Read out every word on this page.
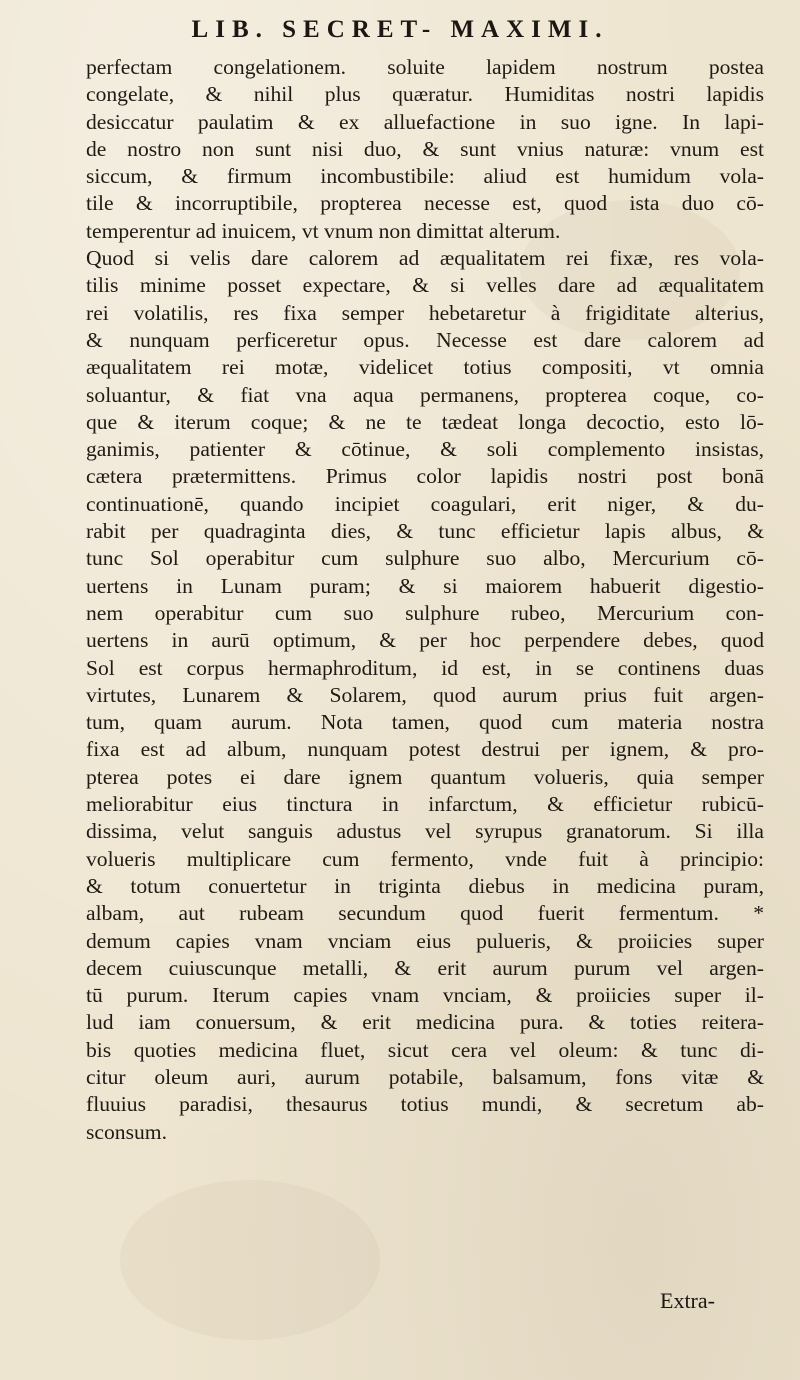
LIB. SECRET- MAXIMI.
perfectam congelationem. soluite lapidem nostrum postea
congelate, & nihil plus quæratur. Humiditas nostri lapidis
desiccatur paulatim & ex alluefactione in suo igne. In lapi-
de nostro non sunt nisi duo, & sunt vnius naturæ: vnum est
siccum, & firmum incombustibile: aliud est humidum vola-
tile & incorruptibile, propterea necesse est, quod ista duo cō-
temperentur ad inuicem, vt vnum non dimittat alterum.
Quod si velis dare calorem ad æqualitatem rei fixæ, res vola-
tilis minime posset expectare, & si velles dare ad æqualitatem
rei volatilis, res fixa semper hebetaretur à frigiditate alterius,
& nunquam perficeretur opus. Necesse est dare calorem ad
æqualitatem rei motæ, videlicet totius compositi, vt omnia
soluantur, & fiat vna aqua permanens, propterea coque, co-
que & iterum coque; & ne te tædeat longa decoctio, esto lō-
ganimis, patienter & cōtinue, & soli complemento insistas,
cætera prætermittens. Primus color lapidis nostri post bonā
continuationē, quando incipiet coagulari, erit niger, & du-
rabit per quadraginta dies, & tunc efficietur lapis albus, &
tunc Sol operabitur cum sulphure suo albo, Mercurium cō-
uertens in Lunam puram; & si maiorem habuerit digestio-
nem operabitur cum suo sulphure rubeo, Mercurium con-
uertens in aurū optimum, & per hoc perpendere debes, quod
Sol est corpus hermaphroditum, id est, in se continens duas
virtutes, Lunarem & Solarem, quod aurum prius fuit argen-
tum, quam aurum. Nota tamen, quod cum materia nostra
fixa est ad album, nunquam potest destrui per ignem, & pro-
pterea potes ei dare ignem quantum volueris, quia semper
meliorabitur eius tinctura in infarctum, & efficietur rubicū-
dissima, velut sanguis adustus vel syrupus granatorum. Si illa
volueris multiplicare cum fermento, vnde fuit à principio:
& totum conuertetur in triginta diebus in medicina puram,
albam, aut rubeam secundum quod fuerit fermentum. *
demum capies vnam vnciam eius pulueris, & proiicies super
decem cuiuscunque metalli, & erit aurum purum vel argen-
tū purum. Iterum capies vnam vnciam, & proiicies super il-
lud iam conuersum, & erit medicina pura. & toties reitera-
bis quoties medicina fluet, sicut cera vel oleum: & tunc di-
citur oleum auri, aurum potabile, balsamum, fons vitæ &
fluuius paradisi, thesaurus totius mundi, & secretum ab-
sconsum.
Extra-
